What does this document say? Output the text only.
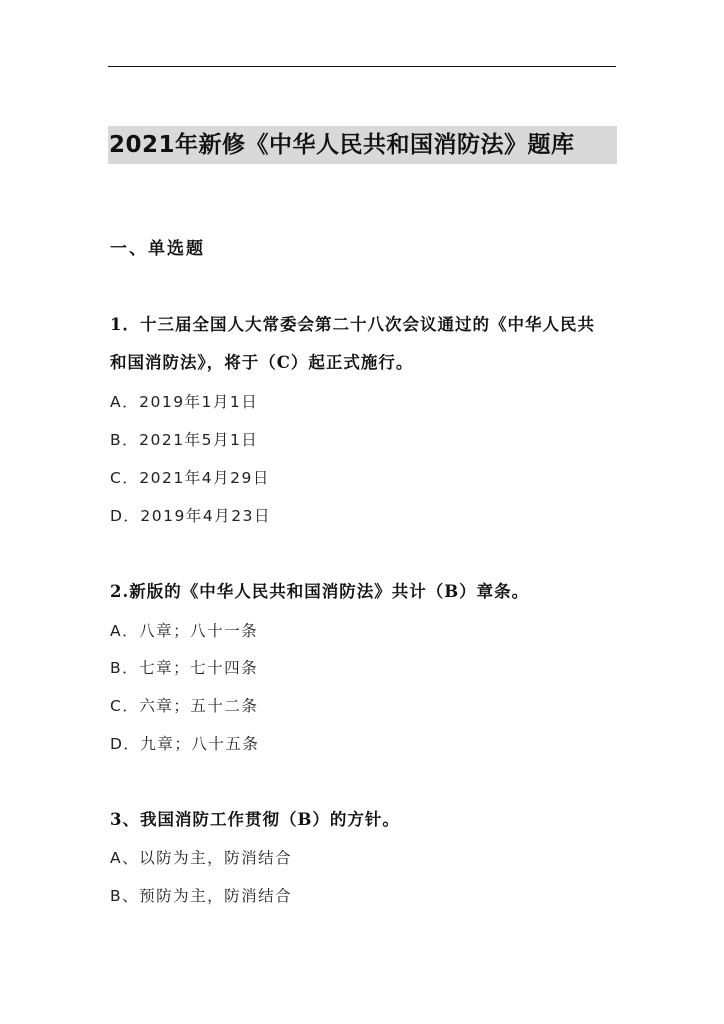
2021年新修《中华人民共和国消防法》题库
一、单选题
1．十三届全国人大常委会第二十八次会议通过的《中华人民共
和国消防法》，将于（C）起正式施行。
A．2019年1月1日
B．2021年5月1日
C．2021年4月29日
D．2019年4月23日
2.新版的《中华人民共和国消防法》共计（B）章条。
A．八章；八十一条
B．七章；七十四条
C．六章；五十二条
D．九章；八十五条
3、我国消防工作贯彻（B）的方针。
A、以防为主，防消结合
B、预防为主，防消结合
